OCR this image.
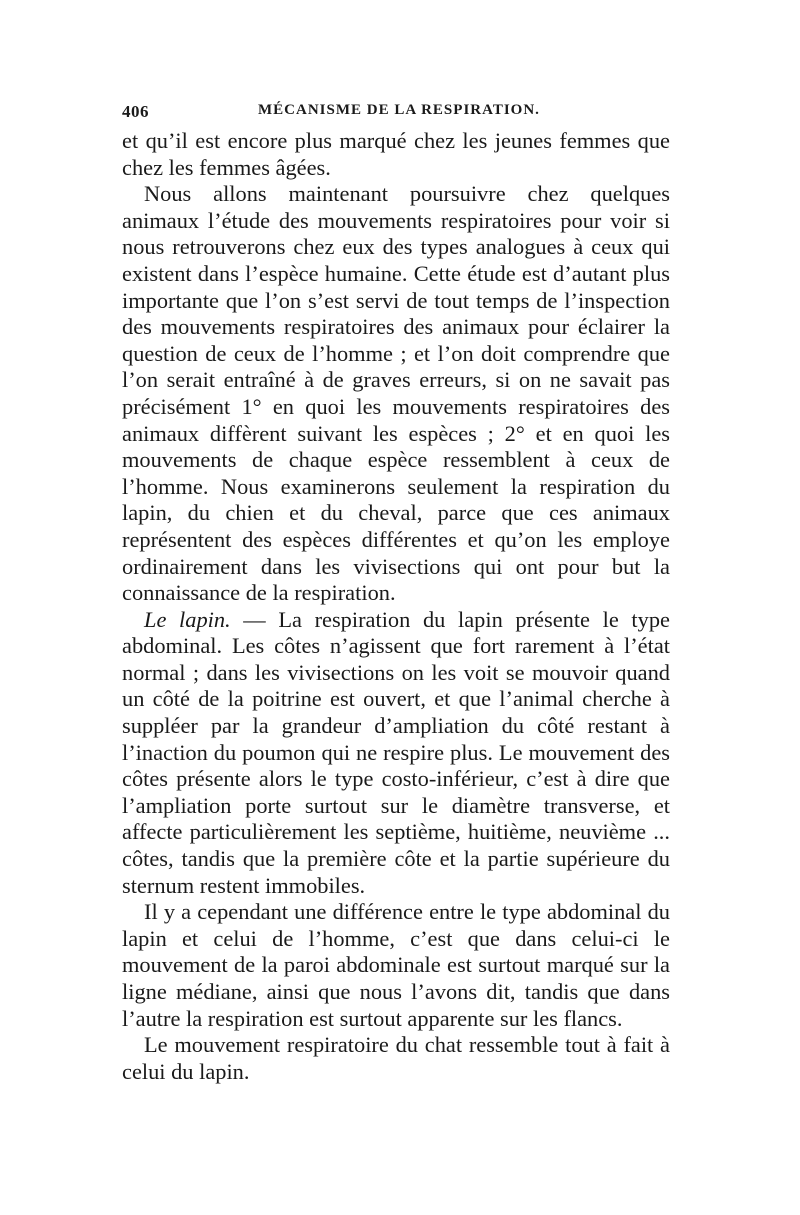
406	MÉCANISME DE LA RESPIRATION.

et qu’il est encore plus marqué chez les jeunes femmes que chez les femmes âgées.

Nous allons maintenant poursuivre chez quelques animaux l’étude des mouvements respiratoires pour voir si nous retrouverons chez eux des types analogues à ceux qui existent dans l’espèce humaine. Cette étude est d’autant plus importante que l’on s’est servi de tout temps de l’inspection des mouvements respiratoires des animaux pour éclairer la question de ceux de l’homme ; et l’on doit comprendre que l’on serait entraîné à de graves erreurs, si on ne savait pas précisément 1° en quoi les mouvements respiratoires des animaux diffèrent suivant les espèces ; 2° et en quoi les mouvements de chaque espèce ressemblent à ceux de l’homme. Nous examinerons seulement la respiration du lapin, du chien et du cheval, parce que ces animaux représentent des espèces différentes et qu’on les employe ordinairement dans les vivisections qui ont pour but la connaissance de la respiration.

Le lapin. — La respiration du lapin présente le type abdominal. Les côtes n’agissent que fort rarement à l’état normal ; dans les vivisections on les voit se mouvoir quand un côté de la poitrine est ouvert, et que l’animal cherche à suppléer par la grandeur d’ampliation du côté restant à l’inaction du poumon qui ne respire plus. Le mouvement des côtes présente alors le type costo-inférieur, c’est à dire que l’ampliation porte surtout sur le diamètre transverse, et affecte particulièrement les septième, huitième, neuvième ... côtes, tandis que la première côte et la partie supérieure du sternum restent immobiles.

Il y a cependant une différence entre le type abdominal du lapin et celui de l’homme, c’est que dans celui-ci le mouvement de la paroi abdominale est surtout marqué sur la ligne médiane, ainsi que nous l’avons dit, tandis que dans l’autre la respiration est surtout apparente sur les flancs.

Le mouvement respiratoire du chat ressemble tout à fait à celui du lapin.
